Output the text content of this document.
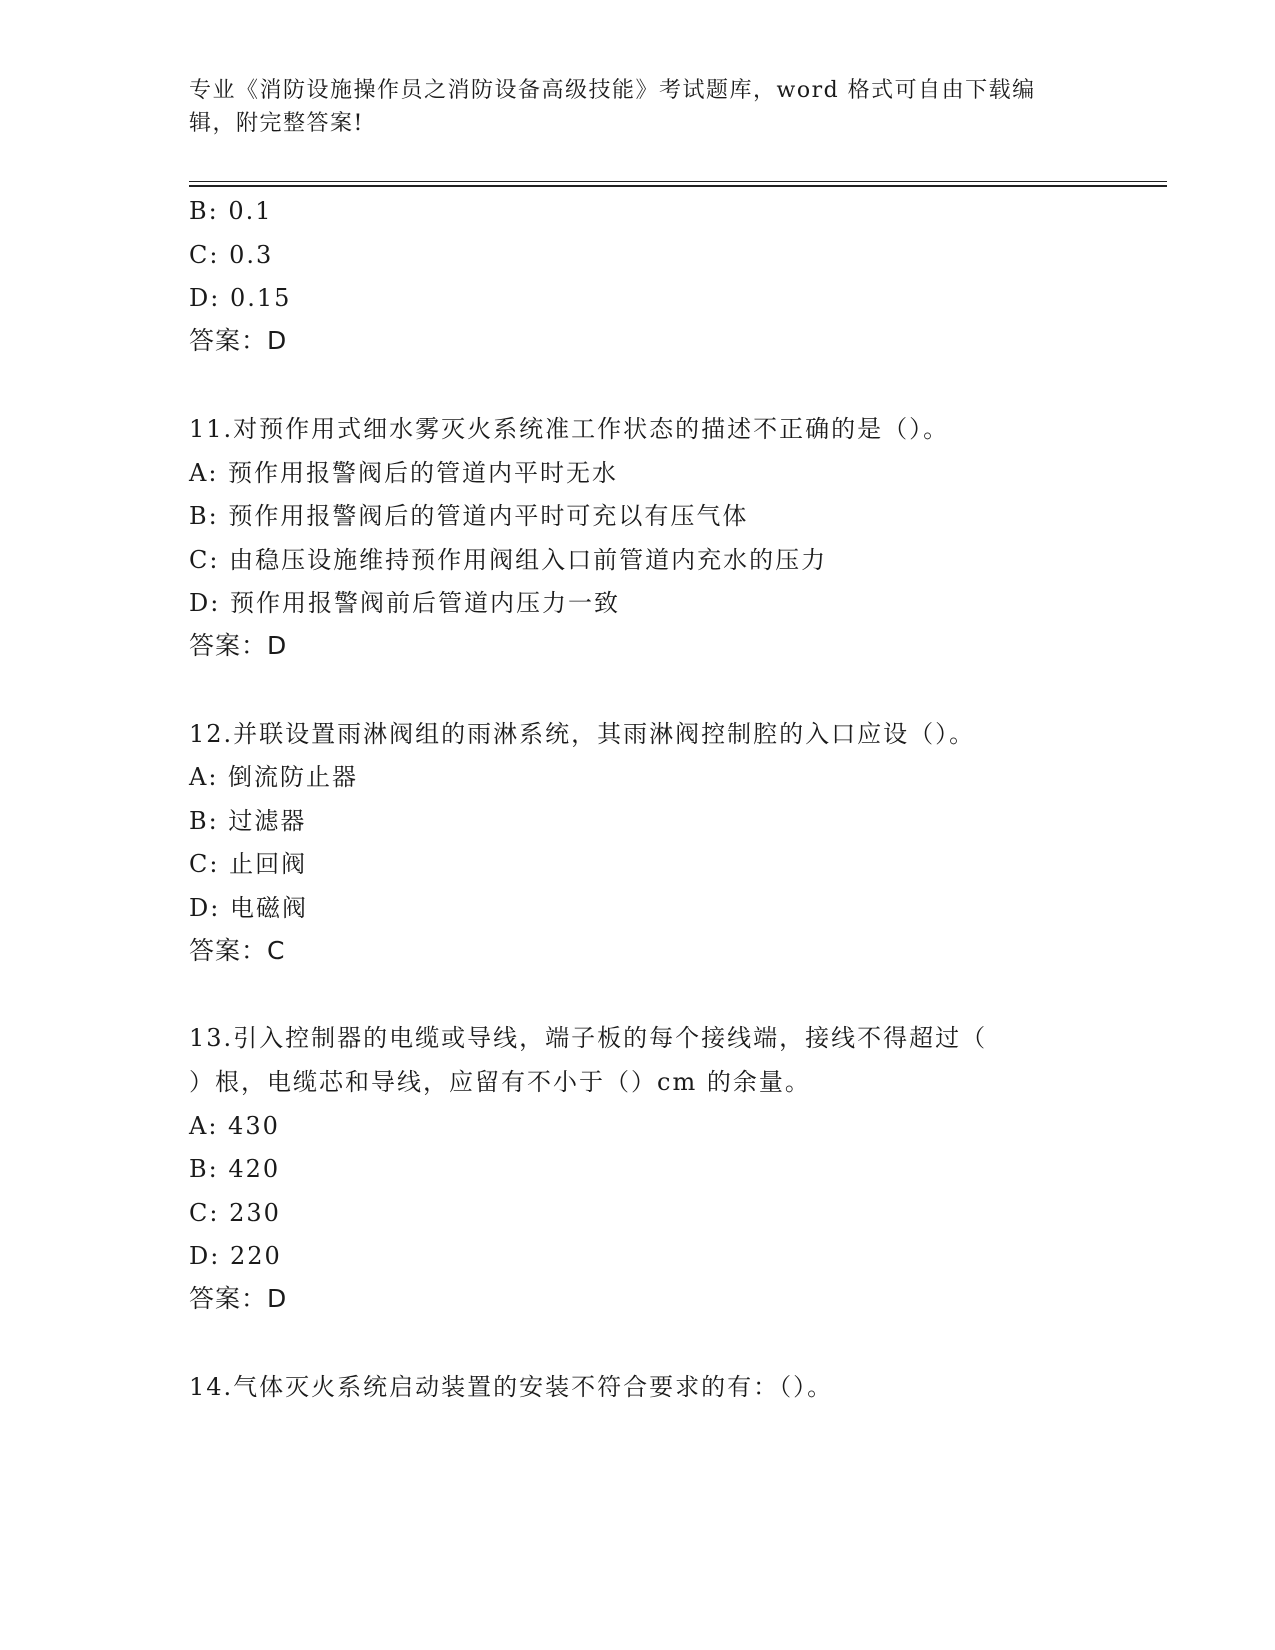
专业《消防设施操作员之消防设备高级技能》考试题库，word 格式可自由下载编
辑，附完整答案!
B: 0.1
C: 0.3
D: 0.15
答案：D
11.对预作用式细水雾灭火系统准工作状态的描述不正确的是（）。
A: 预作用报警阀后的管道内平时无水
B: 预作用报警阀后的管道内平时可充以有压气体
C: 由稳压设施维持预作用阀组入口前管道内充水的压力
D: 预作用报警阀前后管道内压力一致
答案：D
12.并联设置雨淋阀组的雨淋系统，其雨淋阀控制腔的入口应设（）。
A: 倒流防止器
B: 过滤器
C: 止回阀
D: 电磁阀
答案：C
13.引入控制器的电缆或导线，端子板的每个接线端，接线不得超过（
）根，电缆芯和导线，应留有不小于（）cm 的余量。
A: 430
B: 420
C: 230
D: 220
答案：D
14.气体灭火系统启动装置的安装不符合要求的有：（）。
